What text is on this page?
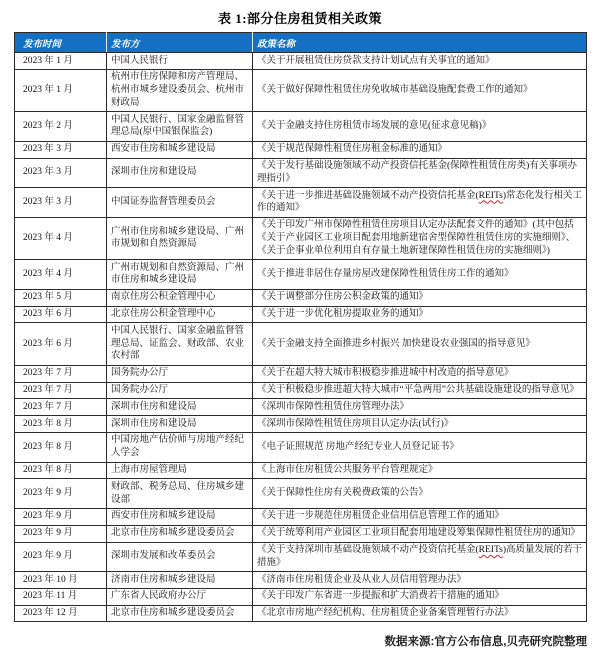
表 1:部分住房租赁相关政策
发布时间	发布方	政策名称
2023 年 1 月	中国人民银行	《关于开展租赁住房贷款支持计划试点有关事宜的通知》
2023 年 1 月	杭州市住房保障和房产管理局、杭州市城乡建设委员会、杭州市财政局	《关于做好保障性租赁住房免收城市基础设施配套费工作的通知》
2023 年 2 月	中国人民银行、国家金融监督管理总局(原中国银保监会)	《关于金融支持住房租赁市场发展的意见(征求意见稿)》
2023 年 3 月	西安市住房和城乡建设局	《关于规范保障性租赁住房租金标准的通知》
2023 年 3 月	深圳市住房和建设局	《关于发行基础设施领域不动产投资信托基金(保障性租赁住房类)有关事项办理指引》
2023 年 3 月	中国证券监督管理委员会	《关于进一步推进基础设施领域不动产投资信托基金(REITs)常态化发行相关工作的通知》
2023 年 4 月	广州市住房和城乡建设局、广州市规划和自然资源局	《关于印发广州市保障性租赁住房项目认定办法配套文件的通知》(其中包括《关于产业园区工业项目配套用地新建宿舍型保障性租赁住房的实施细则》、《关于企事业单位利用自有存量土地新建保障性租赁住房的实施细则》)
2023 年 4 月	广州市规划和自然资源局、广州市住房和城乡建设局	《关于推进非居住存量房屋改建保障性租赁住房工作的通知》
2023 年 5 月	南京住房公积金管理中心	《关于调整部分住房公积金政策的通知》
2023 年 6 月	北京住房公积金管理中心	《关于进一步优化租房提取业务的通知》
2023 年 6 月	中国人民银行、国家金融监督管理总局、证监会、财政部、农业农村部	《关于金融支持全面推进乡村振兴 加快建设农业强国的指导意见》
2023 年 7 月	国务院办公厅	《关于在超大特大城市积极稳步推进城中村改造的指导意见》
2023 年 7 月	国务院办公厅	《关于积极稳步推进超大特大城市“平急两用”公共基础设施建设的指导意见》
2023 年 7 月	深圳市住房和建设局	《深圳市保障性租赁住房管理办法》
2023 年 8 月	深圳市住房和建设局	《深圳市保障性租赁住房项目认定办法(试行)》
2023 年 8 月	中国房地产估价师与房地产经纪人学会	《电子证照规范 房地产经纪专业人员登记证书》
2023 年 8 月	上海市房屋管理局	《上海市住房租赁公共服务平台管理规定》
2023 年 9 月	财政部、税务总局、住房城乡建设部	《关于保障性住房有关税费政策的公告》
2023 年 9 月	西安市住房和城乡建设局	《关于进一步规范住房租赁企业信用信息管理工作的通知》
2023 年 9 月	北京市住房和城乡建设委员会	《关于统筹利用产业园区工业项目配套用地建设筹集保障性租赁住房的通知》
2023 年 9 月	深圳市发展和改革委员会	《关于支持深圳市基础设施领域不动产投资信托基金(REITs)高质量发展的若干措施》
2023 年 10 月	济南市住房和城乡建设局	《济南市住房租赁企业及从业人员信用管理办法》
2023 年 11 月	广东省人民政府办公厅	《关于印发广东省进一步提振和扩大消费若干措施的通知》
2023 年 12 月	北京市住房和城乡建设委员会	《北京市房地产经纪机构、住房租赁企业备案管理暂行办法》
数据来源:官方公布信息,贝壳研究院整理
